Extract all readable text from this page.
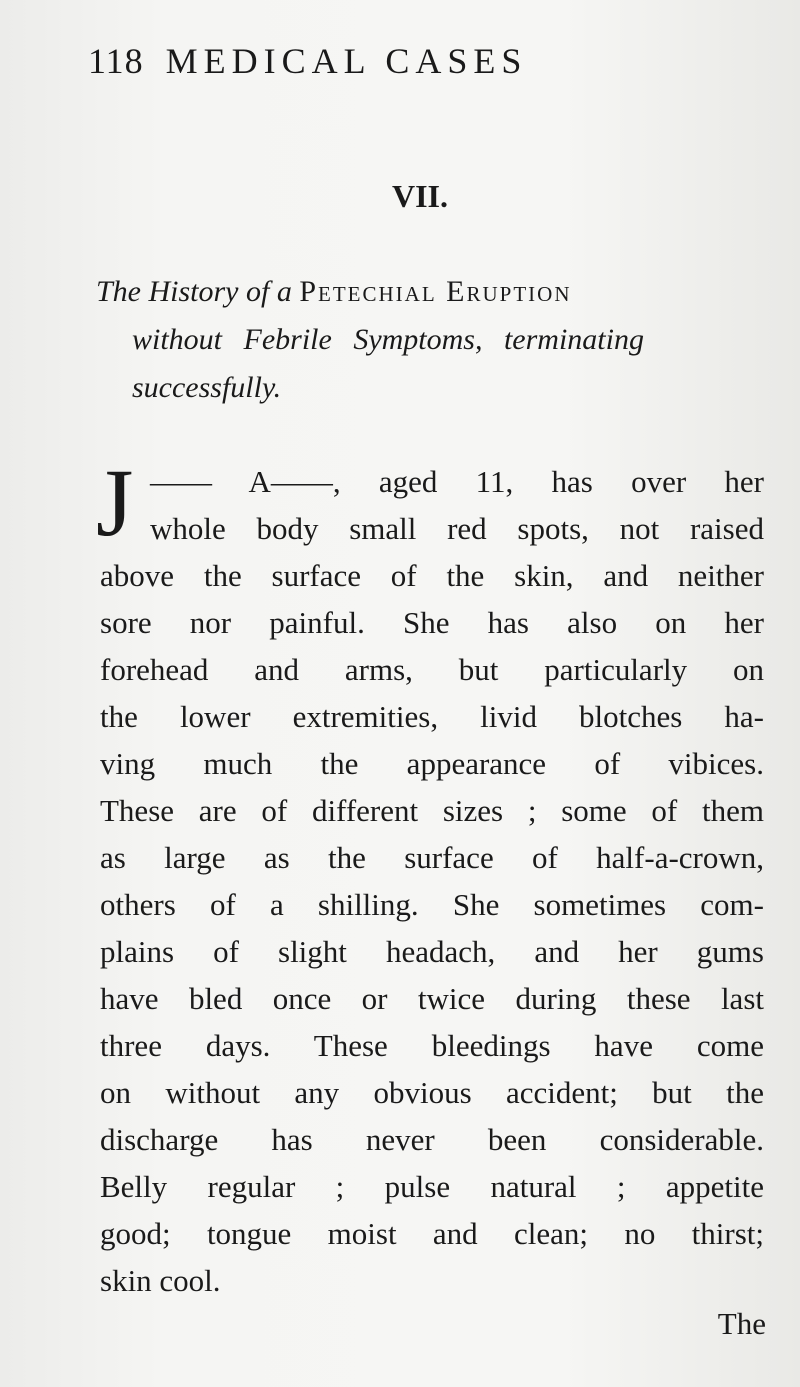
118 MEDICAL CASES
VII.
The History of a Petechial Eruption
without Febrile Symptoms, terminating
successfully.
J —— A——, aged 11, has over her
whole body small red spots, not raised
above the surface of the skin, and neither
sore nor painful. She has also on her
forehead and arms, but particularly on
the lower extremities, livid blotches ha-
ving much the appearance of vibices.
These are of different sizes ; some of them
as large as the surface of half-a-crown,
others of a shilling. She sometimes com-
plains of slight headach, and her gums
have bled once or twice during these last
three days. These bleedings have come
on without any obvious accident; but the
discharge has never been considerable.
Belly regular ; pulse natural ; appetite
good; tongue moist and clean; no thirst;
skin cool.
The
